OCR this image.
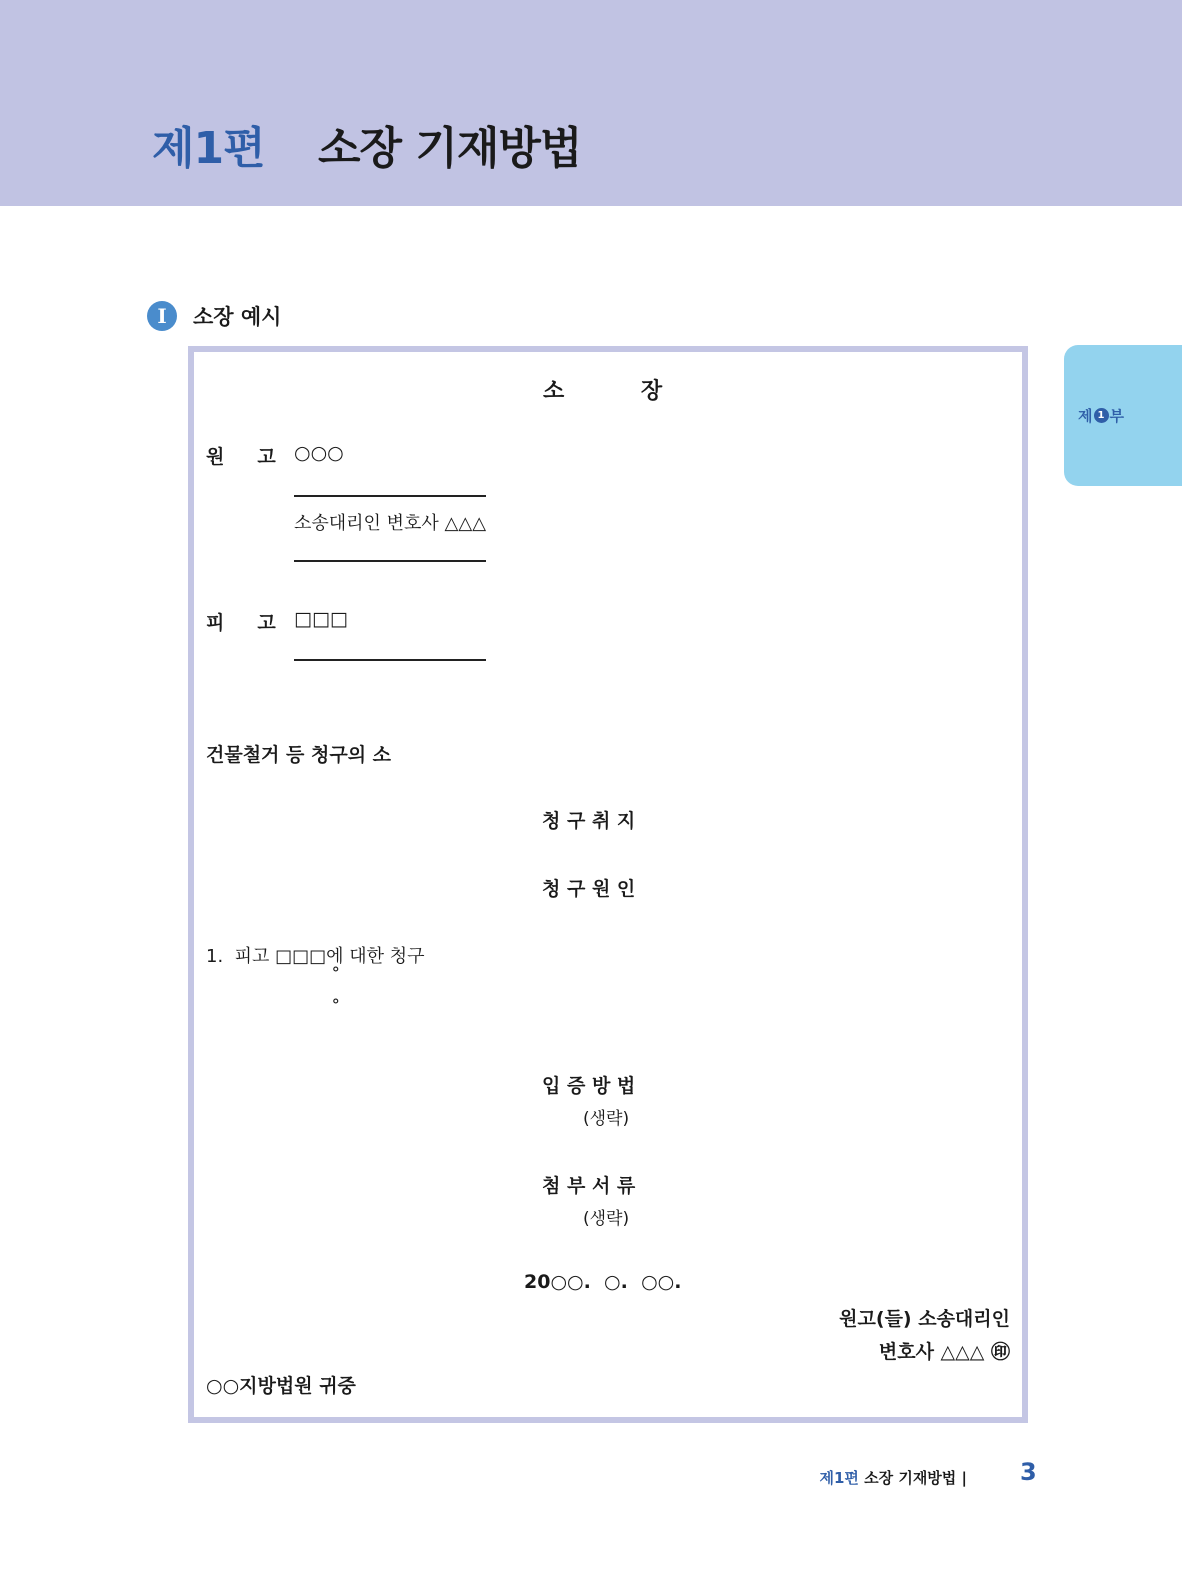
제1편 소장 기재방법
제 1 부
I	소장 예시
소          장
원     고 ○○○
소송대리인 변호사 △△△
피     고 □□□
건물철거 등 청구의 소
청 구 취 지
청 구 원 인
1.  피고 □□□에 대한 청구
˚
˚
입 증 방 법
(생략)
첨 부 서 류
(생략)
20○○.  ○.  ○○.
원고(들) 소송대리인
변호사 △△△ ㊞
○○지방법원 귀중
제1편 소장 기재방법 | 3
